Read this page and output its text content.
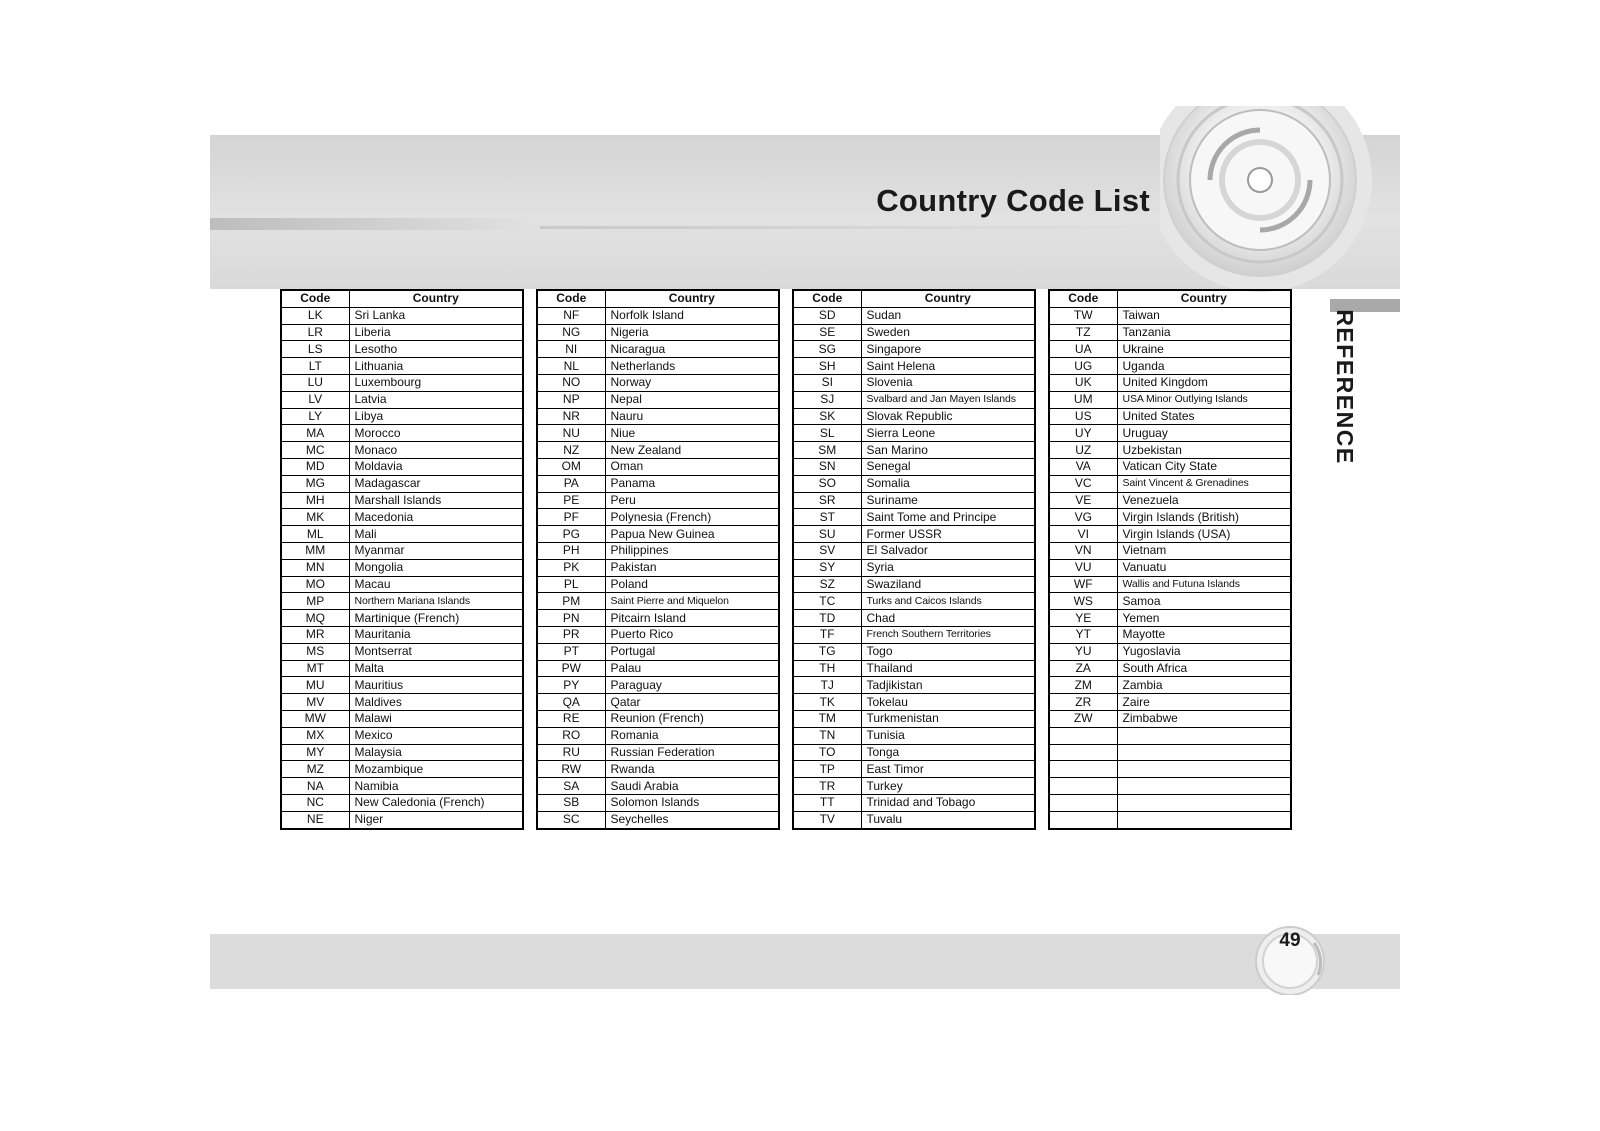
Country Code List
REFERENCE
Code	Country
LK	Sri Lanka
LR	Liberia
LS	Lesotho
LT	Lithuania
LU	Luxembourg
LV	Latvia
LY	Libya
MA	Morocco
MC	Monaco
MD	Moldavia
MG	Madagascar
MH	Marshall Islands
MK	Macedonia
ML	Mali
MM	Myanmar
MN	Mongolia
MO	Macau
MP	Northern Mariana Islands
MQ	Martinique (French)
MR	Mauritania
MS	Montserrat
MT	Malta
MU	Mauritius
MV	Maldives
MW	Malawi
MX	Mexico
MY	Malaysia
MZ	Mozambique
NA	Namibia
NC	New Caledonia (French)
NE	Niger
Code	Country
NF	Norfolk Island
NG	Nigeria
NI	Nicaragua
NL	Netherlands
NO	Norway
NP	Nepal
NR	Nauru
NU	Niue
NZ	New Zealand
OM	Oman
PA	Panama
PE	Peru
PF	Polynesia (French)
PG	Papua New Guinea
PH	Philippines
PK	Pakistan
PL	Poland
PM	Saint Pierre and Miquelon
PN	Pitcairn Island
PR	Puerto Rico
PT	Portugal
PW	Palau
PY	Paraguay
QA	Qatar
RE	Reunion (French)
RO	Romania
RU	Russian Federation
RW	Rwanda
SA	Saudi Arabia
SB	Solomon Islands
SC	Seychelles
Code	Country
SD	Sudan
SE	Sweden
SG	Singapore
SH	Saint Helena
SI	Slovenia
SJ	Svalbard and Jan Mayen Islands
SK	Slovak Republic
SL	Sierra Leone
SM	San Marino
SN	Senegal
SO	Somalia
SR	Suriname
ST	Saint Tome and Principe
SU	Former USSR
SV	El Salvador
SY	Syria
SZ	Swaziland
TC	Turks and Caicos Islands
TD	Chad
TF	French Southern Territories
TG	Togo
TH	Thailand
TJ	Tadjikistan
TK	Tokelau
TM	Turkmenistan
TN	Tunisia
TO	Tonga
TP	East Timor
TR	Turkey
TT	Trinidad and Tobago
TV	Tuvalu
Code	Country
TW	Taiwan
TZ	Tanzania
UA	Ukraine
UG	Uganda
UK	United Kingdom
UM	USA Minor Outlying Islands
US	United States
UY	Uruguay
UZ	Uzbekistan
VA	Vatican City State
VC	Saint Vincent & Grenadines
VE	Venezuela
VG	Virgin Islands (British)
VI	Virgin Islands (USA)
VN	Vietnam
VU	Vanuatu
WF	Wallis and Futuna Islands
WS	Samoa
YE	Yemen
YT	Mayotte
YU	Yugoslavia
ZA	South Africa
ZM	Zambia
ZR	Zaire
ZW	Zimbabwe

49
